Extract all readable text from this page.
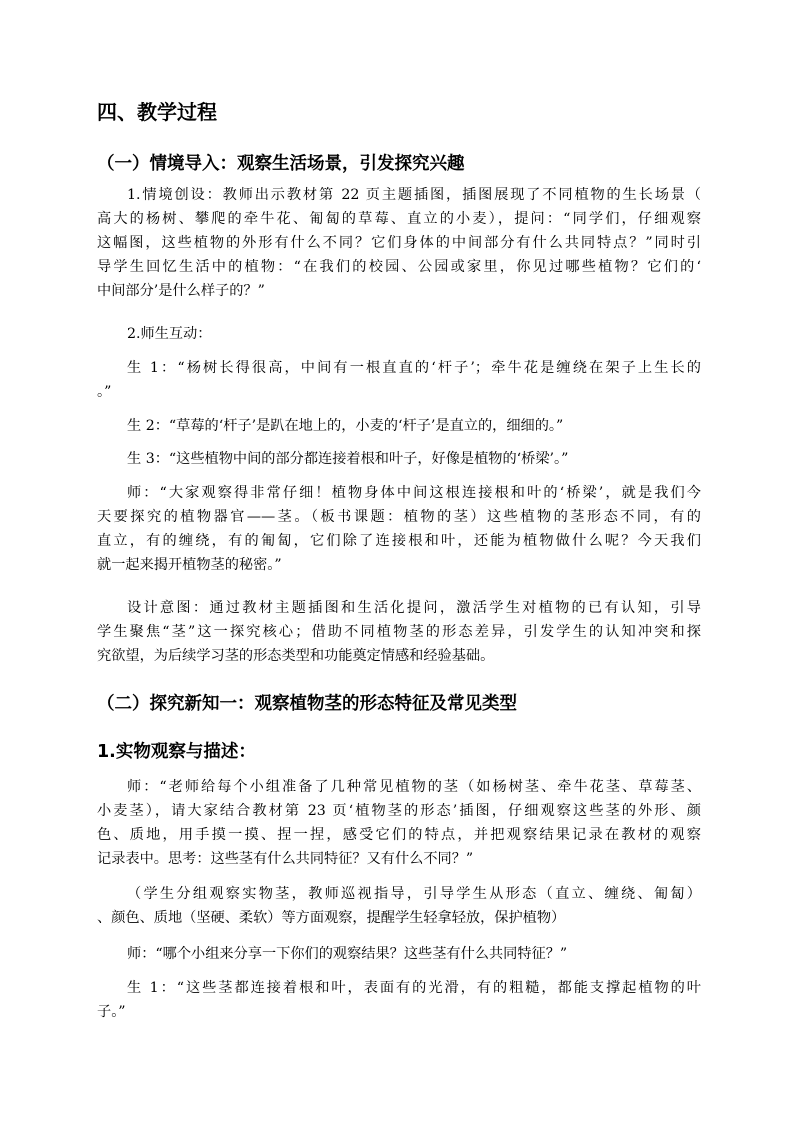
四、教学过程
（一）情境导入：观察生活场景，引发探究兴趣
1.情境创设：教师出示教材第 22 页主题插图，插图展现了不同植物的生长场景（
高大的杨树、攀爬的牵牛花、匍匐的草莓、直立的小麦），提问：“同学们，仔细观察
这幅图，这些植物的外形有什么不同？它们身体的中间部分有什么共同特点？”同时引
导学生回忆生活中的植物：“在我们的校园、公园或家里，你见过哪些植物？它们的‘
中间部分’是什么样子的？”
2.师生互动：
生 1：“杨树长得很高，中间有一根直直的‘杆子’；牵牛花是缠绕在架子上生长的
。”
生 2：“草莓的‘杆子’是趴在地上的，小麦的‘杆子’是直立的，细细的。”
生 3：“这些植物中间的部分都连接着根和叶子，好像是植物的‘桥梁’。”
师：“大家观察得非常仔细！植物身体中间这根连接根和叶的‘桥梁’，就是我们今
天要探究的植物器官——茎。（板书课题：植物的茎）这些植物的茎形态不同，有的
直立，有的缠绕，有的匍匐，它们除了连接根和叶，还能为植物做什么呢？今天我们
就一起来揭开植物茎的秘密。”
设计意图：通过教材主题插图和生活化提问，激活学生对植物的已有认知，引导
学生聚焦“茎”这一探究核心；借助不同植物茎的形态差异，引发学生的认知冲突和探
究欲望，为后续学习茎的形态类型和功能奠定情感和经验基础。
（二）探究新知一：观察植物茎的形态特征及常见类型
1.实物观察与描述：
师：“老师给每个小组准备了几种常见植物的茎（如杨树茎、牵牛花茎、草莓茎、
小麦茎），请大家结合教材第 23 页‘植物茎的形态’插图，仔细观察这些茎的外形、颜
色、质地，用手摸一摸、捏一捏，感受它们的特点，并把观察结果记录在教材的观察
记录表中。思考：这些茎有什么共同特征？又有什么不同？”
（学生分组观察实物茎，教师巡视指导，引导学生从形态（直立、缠绕、匍匐）
、颜色、质地（坚硬、柔软）等方面观察，提醒学生轻拿轻放，保护植物）
师：“哪个小组来分享一下你们的观察结果？这些茎有什么共同特征？”
生 1：“这些茎都连接着根和叶，表面有的光滑，有的粗糙，都能支撑起植物的叶
子。”
